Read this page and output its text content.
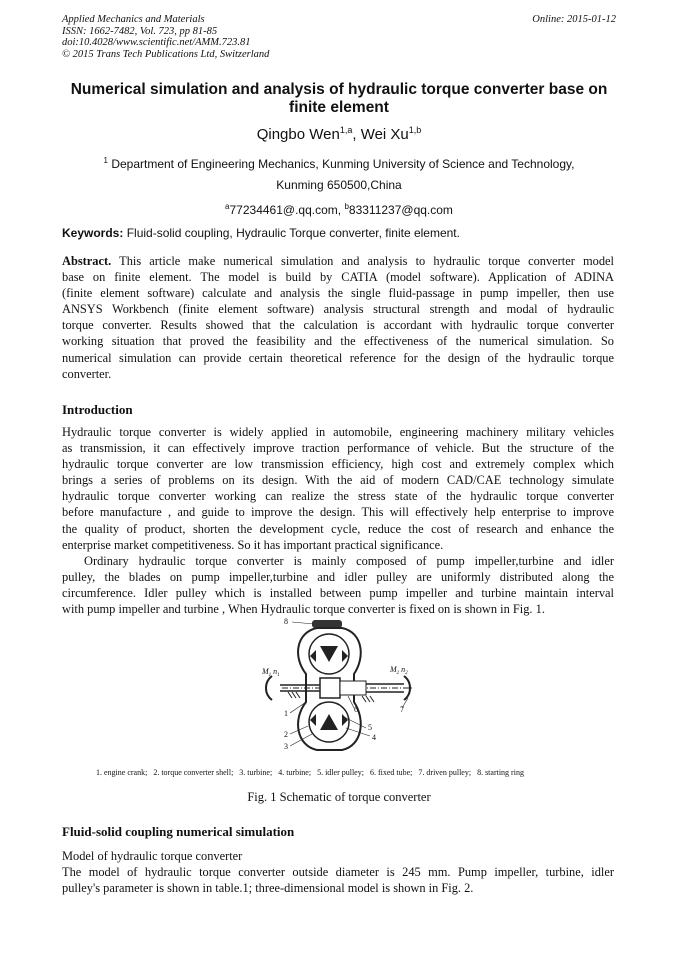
Applied Mechanics and Materials
ISSN: 1662-7482, Vol. 723, pp 81-85
doi:10.4028/www.scientific.net/AMM.723.81
© 2015 Trans Tech Publications Ltd, Switzerland
Online: 2015-01-12
Numerical simulation and analysis of hydraulic torque converter base on
finite element
Qingbo Wen$^{1,a}$, Wei Xu$^{1,b}$
$^1$ Department of Engineering Mechanics, Kunming University of Science and Technology,
Kunming 650500,China
$^a$77234461@.qq.com, $^b$83311237@qq.com
Keywords: Fluid-solid coupling, Hydraulic Torque converter, finite element.
Abstract. This article make numerical simulation and analysis to hydraulic torque converter model
base on finite element. The model is build by CATIA (model software). Application of ADINA
(finite element software) calculate and analysis the single fluid-passage in pump impeller, then use
ANSYS Workbench (finite element software) analysis structural strength and modal of hydraulic
torque converter. Results showed that the calculation is accordant with hydraulic torque converter
working situation that proved the feasibility and the effectiveness of the numerical simulation. So
numerical simulation can provide certain theoretical reference for the design of the hydraulic torque
converter.
Introduction
Hydraulic torque converter is widely applied in automobile, engineering machinery military vehicles
as transmission, it can effectively improve traction performance of vehicle. But the structure of the
hydraulic torque converter are low transmission efficiency, high cost and extremely complex which
brings a series of problems on its design. With the aid of modern CAD/CAE technology simulate
hydraulic torque converter working can realize the stress state of the hydraulic torque converter
before manufacture , and guide to improve the design. This will effectively help enterprise to improve
the quality of product, shorten the development cycle, reduce the cost of research and enhance the
enterprise market competitiveness. So it has important practical significance.
Ordinary hydraulic torque converter is mainly composed of pump impeller,turbine and idler
pulley, the blades on pump impeller,turbine and idler pulley are uniformly distributed along the
circumference. Idler pulley which is installed between pump impeller and turbine maintain interval
with pump impeller and turbine , When Hydraulic torque converter is fixed on is shown in Fig. 1.
8
$M_1$ $n_1$
$M_2$ $n_2$
1
2
3
4
5
6	7
1. engine crank; 2. torque converter shell; 3. turbine; 4. turbine; 5. idler pulley; 6. fixed tube; 7. driven pulley; 8. starting ring
Fig. 1 Schematic of torque converter
Fluid-solid coupling numerical simulation
Model of hydraulic torque converter
The model of hydraulic torque converter outside diameter is 245 mm. Pump impeller, turbine, idler
pulley's parameter is shown in table.1; three-dimensional model is shown in Fig. 2.
